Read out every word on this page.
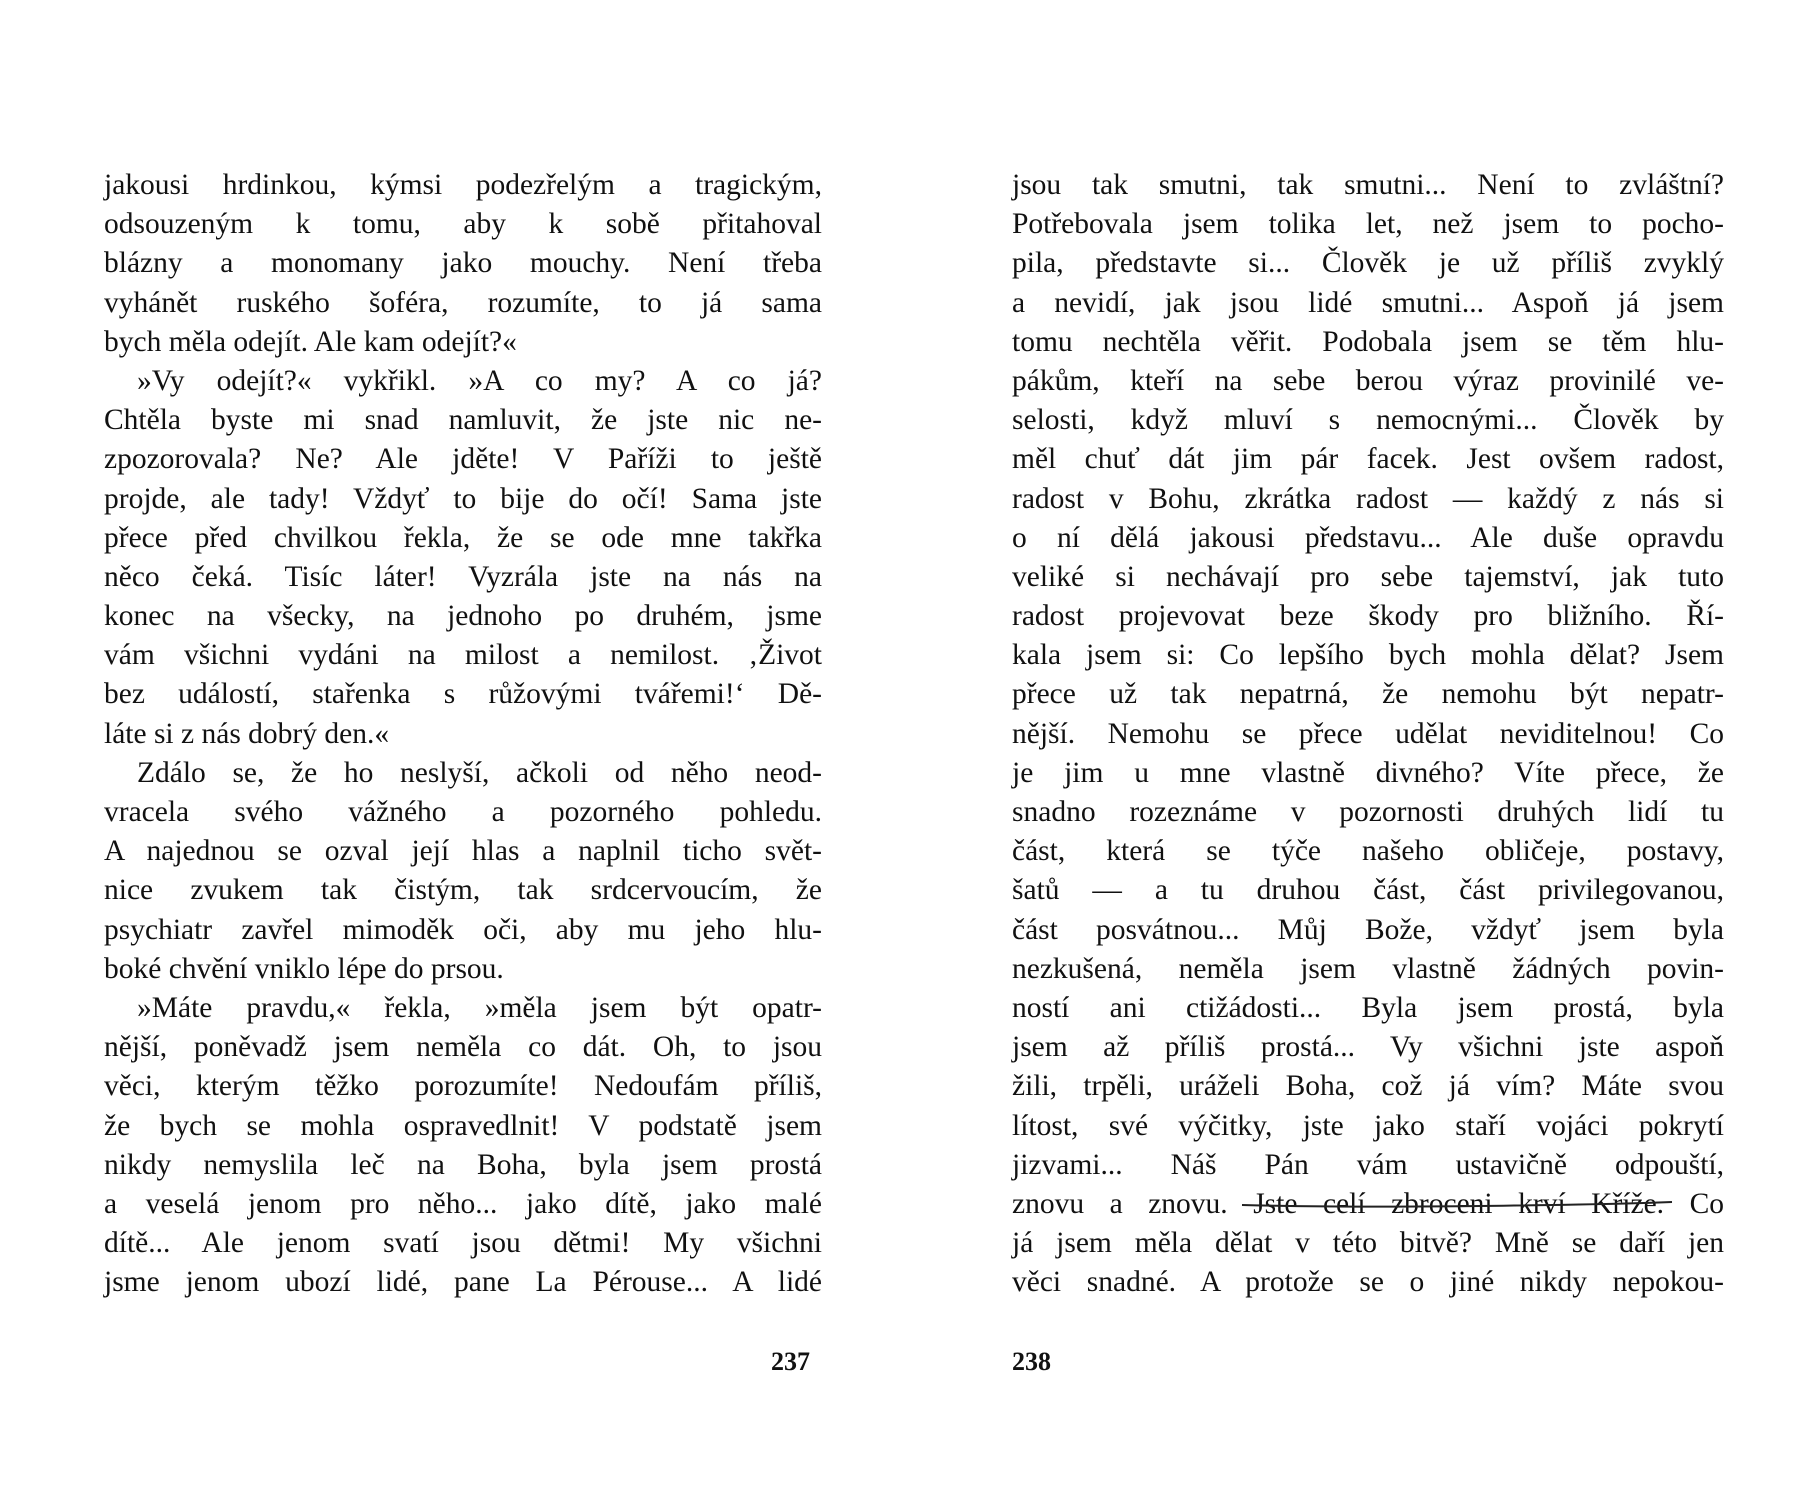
jakousi hrdinkou, kýmsi podezřelým a tragickým,
odsouzeným k tomu, aby k sobě přitahoval
blázny a monomany jako mouchy. Není třeba
vyhánět ruského šoféra, rozumíte, to já sama
bych měla odejít. Ale kam odejít?«
»Vy odejít?« vykřikl. »A co my? A co já?
Chtěla byste mi snad namluvit, že jste nic ne-
zpozorovala? Ne? Ale jděte! V Paříži to ještě
projde, ale tady! Vždyť to bije do očí! Sama jste
přece před chvilkou řekla, že se ode mne takřka
něco čeká. Tisíc láter! Vyzrála jste na nás na
konec na všecky, na jednoho po druhém, jsme
vám všichni vydáni na milost a nemilost. ‚Život
bez událostí, stařenka s růžovými tvářemi!‘ Dě-
láte si z nás dobrý den.«
Zdálo se, že ho neslyší, ačkoli od něho neod-
vracela svého vážného a pozorného pohledu.
A najednou se ozval její hlas a naplnil ticho svět-
nice zvukem tak čistým, tak srdcervoucím, že
psychiatr zavřel mimoděk oči, aby mu jeho hlu-
boké chvění vniklo lépe do prsou.
»Máte pravdu,« řekla, »měla jsem být opatr-
nější, poněvadž jsem neměla co dát. Oh, to jsou
věci, kterým těžko porozumíte! Nedoufám příliš,
že bych se mohla ospravedlnit! V podstatě jsem
nikdy nemyslila leč na Boha, byla jsem prostá
a veselá jenom pro něho... jako dítě, jako malé
dítě... Ale jenom svatí jsou dětmi! My všichni
jsme jenom ubozí lidé, pane La Pérouse... A lidé
237
jsou tak smutni, tak smutni... Není to zvláštní?
Potřebovala jsem tolika let, než jsem to pocho-
pila, představte si... Člověk je už příliš zvyklý
a nevidí, jak jsou lidé smutni... Aspoň já jsem
tomu nechtěla věřit. Podobala jsem se těm hlu-
pákům, kteří na sebe berou výraz provinilé ve-
selosti, když mluví s nemocnými... Člověk by
měl chuť dát jim pár facek. Jest ovšem radost,
radost v Bohu, zkrátka radost — každý z nás si
o ní dělá jakousi představu... Ale duše opravdu
veliké si nechávají pro sebe tajemství, jak tuto
radost projevovat beze škody pro bližního. Ří-
kala jsem si: Co lepšího bych mohla dělat? Jsem
přece už tak nepatrná, že nemohu být nepatr-
nější. Nemohu se přece udělat neviditelnou! Co
je jim u mne vlastně divného? Víte přece, že
snadno rozeznáme v pozornosti druhých lidí tu
část, která se týče našeho obličeje, postavy,
šatů — a tu druhou část, část privilegovanou,
část posvátnou... Můj Bože, vždyť jsem byla
nezkušená, neměla jsem vlastně žádných povin-
ností ani ctižádosti... Byla jsem prostá, byla
jsem až příliš prostá... Vy všichni jste aspoň
žili, trpěli, uráželi Boha, což já vím? Máte svou
lítost, své výčitky, jste jako staří vojáci pokrytí
jizvami... Náš Pán vám ustavičně odpouští,
znovu a znovu. Jste celí zbroceni krví Kříže. Co
já jsem měla dělat v této bitvě? Mně se daří jen
věci snadné. A protože se o jiné nikdy nepokou-
238
